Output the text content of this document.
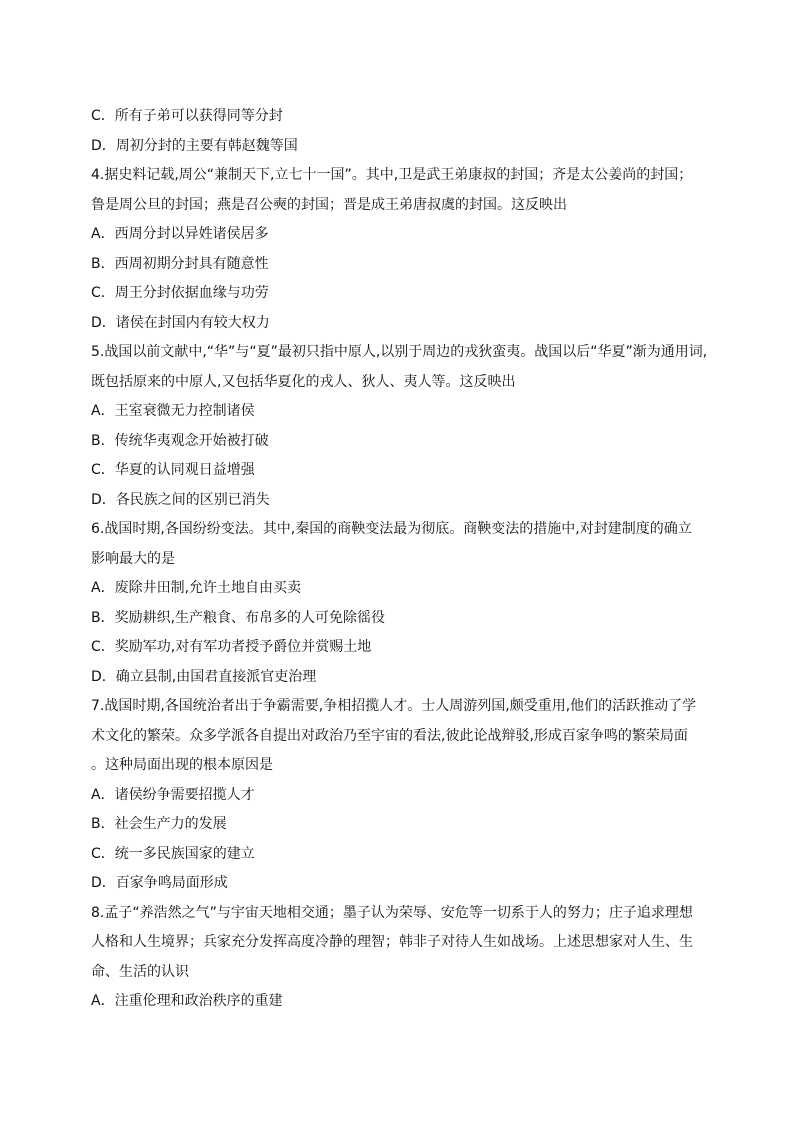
C．所有子弟可以获得同等分封
D．周初分封的主要有韩赵魏等国
4.据史料记载,周公“兼制天下,立七十一国”。其中,卫是武王弟康叔的封国；齐是太公姜尚的封国；
鲁是周公旦的封国；燕是召公奭的封国；晋是成王弟唐叔虞的封国。这反映出
A．西周分封以异姓诸侯居多
B．西周初期分封具有随意性
C．周王分封依据血缘与功劳
D．诸侯在封国内有较大权力
5.战国以前文献中,“华”与“夏”最初只指中原人,以别于周边的戎狄蛮夷。战国以后“华夏”渐为通用词,
既包括原来的中原人,又包括华夏化的戎人、狄人、夷人等。这反映出
A．王室衰微无力控制诸侯
B．传统华夷观念开始被打破
C．华夏的认同观日益增强
D．各民族之间的区别已消失
6.战国时期,各国纷纷变法。其中,秦国的商鞅变法最为彻底。商鞅变法的措施中,对封建制度的确立
影响最大的是
A．废除井田制,允许土地自由买卖
B．奖励耕织,生产粮食、布帛多的人可免除徭役
C．奖励军功,对有军功者授予爵位并赏赐土地
D．确立县制,由国君直接派官吏治理
7.战国时期,各国统治者出于争霸需要,争相招揽人才。士人周游列国,颇受重用,他们的活跃推动了学
术文化的繁荣。众多学派各自提出对政治乃至宇宙的看法,彼此论战辩驳,形成百家争鸣的繁荣局面
。这种局面出现的根本原因是
A．诸侯纷争需要招揽人才
B．社会生产力的发展
C．统一多民族国家的建立
D．百家争鸣局面形成
8.孟子“养浩然之气”与宇宙天地相交通；墨子认为荣辱、安危等一切系于人的努力；庄子追求理想
人格和人生境界；兵家充分发挥高度冷静的理智；韩非子对待人生如战场。上述思想家对人生、生
命、生活的认识
A．注重伦理和政治秩序的重建
